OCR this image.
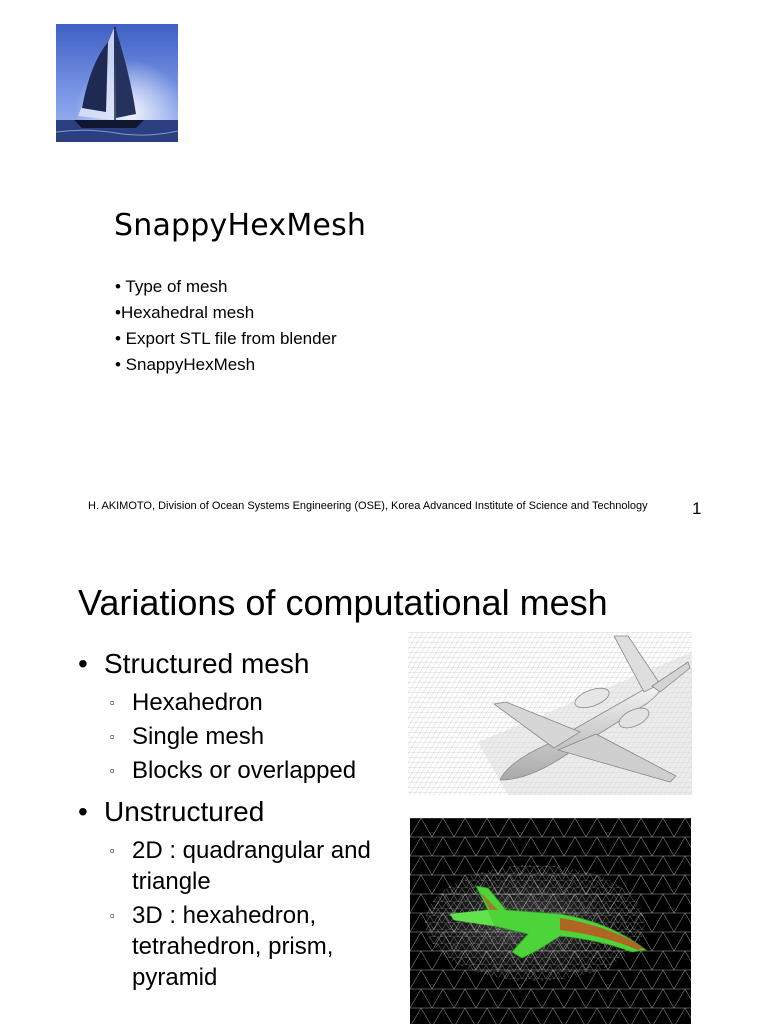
SnappyHexMesh
• Type of mesh
•Hexahedral mesh
• Export STL file from blender
• SnappyHexMesh
H. AKIMOTO, Division of Ocean Systems Engineering (OSE), Korea Advanced Institute of Science and Technology	1
Variations of computational mesh
• Structured mesh
▫ Hexahedron
▫ Single mesh
▫ Blocks or overlapped
• Unstructured
▫ 2D : quadrangular and triangle
▫ 3D : hexahedron, tetrahedron, prism, pyramid
